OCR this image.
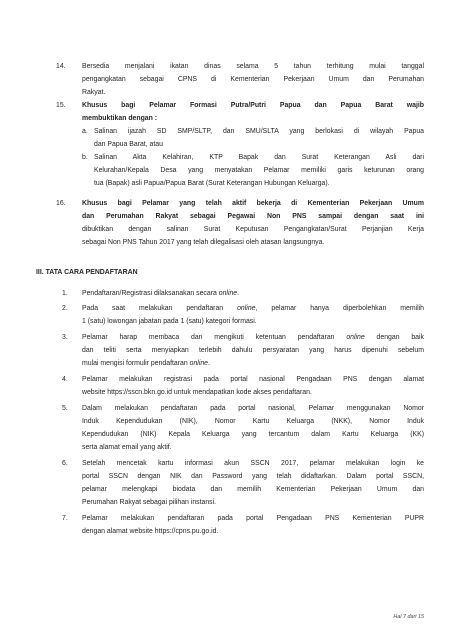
14. Bersedia menjalani ikatan dinas selama 5 tahun terhitung mulai tanggal
pengangkatan sebagai CPNS di Kementerian Pekerjaan Umum dan Perumahan
Rakyat.
15. Khusus bagi Pelamar Formasi Putra/Putri Papua dan Papua Barat wajib
membuktikan dengan :
a. Salinan ijazah SD SMP/SLTP, dan SMU/SLTA yang berlokasi di wilayah Papua
dan Papua Barat, atau
b. Salinan Akta Kelahiran, KTP Bapak dan Surat Keterangan Asli dari
Kelurahan/Kepala Desa yang menyatakan Pelamar memiliki garis keturunan orang
tua (Bapak) asli Papua/Papua Barat (Surat Keterangan Hubungan Keluarga).
16. Khusus bagi Pelamar yang telah aktif bekerja di Kementerian Pekerjaan Umum
dan Perumahan Rakyat sebagai Pegawai Non PNS sampai dengan saat ini
dibuktikan dengan salinan Surat Keputusan Pengangkatan/Surat Perjanjian Kerja
sebagai Non PNS Tahun 2017 yang telah dilegalisasi oleh atasan langsungnya.
III. TATA CARA PENDAFTARAN
1. Pendaftaran/Registrasi dilaksanakan secara online.
2. Pada saat melakukan pendaftaran online, pelamar hanya diperbolehkan memilih
1 (satu) lowongan jabatan pada 1 (satu) kategori formasi.
3. Pelamar harap membaca dan mengikuti ketentuan pendaftaran online dengan baik
dan teliti serta menyiapkan terlebih dahulu persyaratan yang harus dipenuhi sebelum
mulai mengisi formulir pendaftaran online.
4. Pelamar melakukan registrasi pada portal nasional Pengadaan PNS dengan alamat
website https://sscn.bkn.go.id untuk mendapatkan kode akses pendaftaran.
5. Dalam melakukan pendaftaran pada portal nasional, Pelamar menggunakan Nomor
Induk Kependudukan (NIK), Nomor Kartu Keluarga (NKK), Nomor Induk
Kependudukan (NIK) Kepala Keluarga yang tercantum dalam Kartu Keluarga (KK)
serta alamat email yang aktif.
6. Setelah mencetak kartu informasi akun SSCN 2017, pelamar melakukan login ke
portal SSCN dengan NIK dan Password yang telah didaftarkan. Dalam portal SSCN,
pelamar melengkapi biodata dan memilih Kementerian Pekerjaan Umum dan
Perumahan Rakyat sebagai pilihan instansi.
7. Pelamar melakukan pendaftaran pada portal Pengadaan PNS Kementerian PUPR
dengan alamat website https://cpns.pu.go.id.
Hal 7 dari 15
